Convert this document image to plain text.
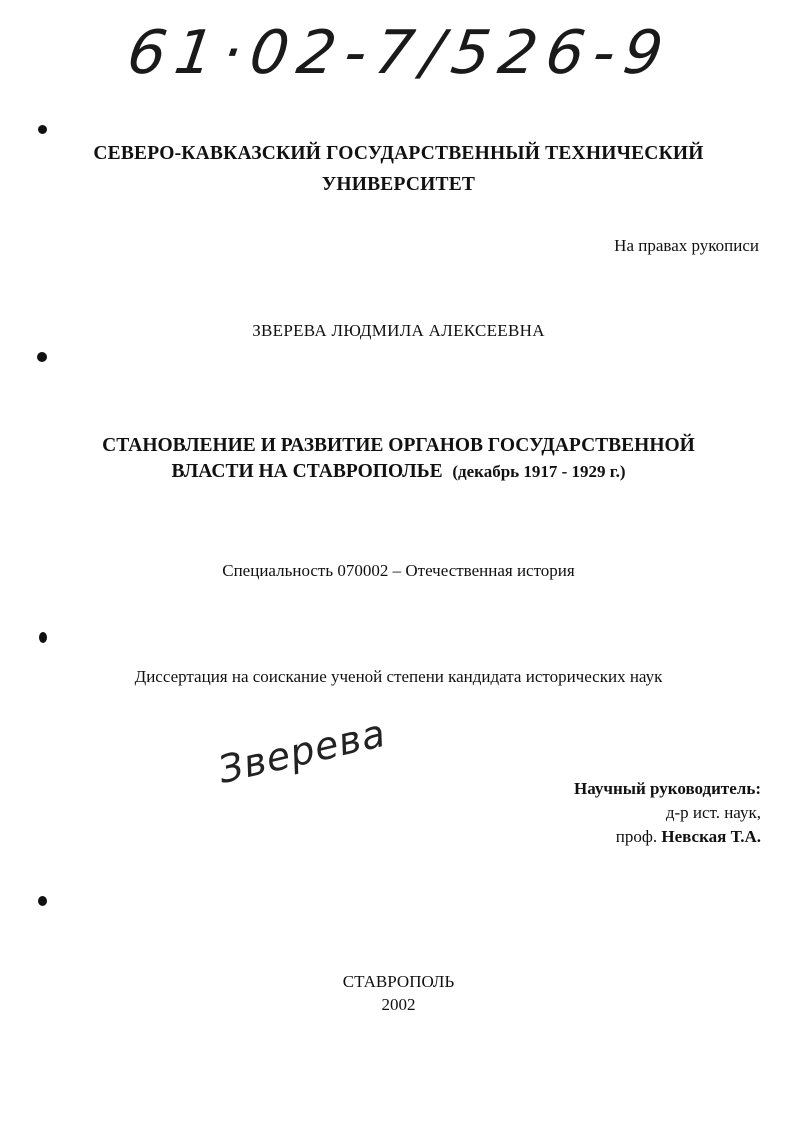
61·02-7/526-9
СЕВЕРО-КАВКАЗСКИЙ ГОСУДАРСТВЕННЫЙ ТЕХНИЧЕСКИЙ
УНИВЕРСИТЕТ
На правах рукописи
ЗВЕРЕВА ЛЮДМИЛА АЛЕКСЕЕВНА
СТАНОВЛЕНИЕ И РАЗВИТИЕ ОРГАНОВ ГОСУДАРСТВЕННОЙ
ВЛАСТИ НА СТАВРОПОЛЬЕ (декабрь 1917 - 1929 г.)
Специальность 070002 – Отечественная история
Диссертация на соискание ученой степени кандидата исторических наук
Зверева	Научный руководитель:
д-р ист. наук,
проф. Невская Т.А.
СТАВРОПОЛЬ
2002
